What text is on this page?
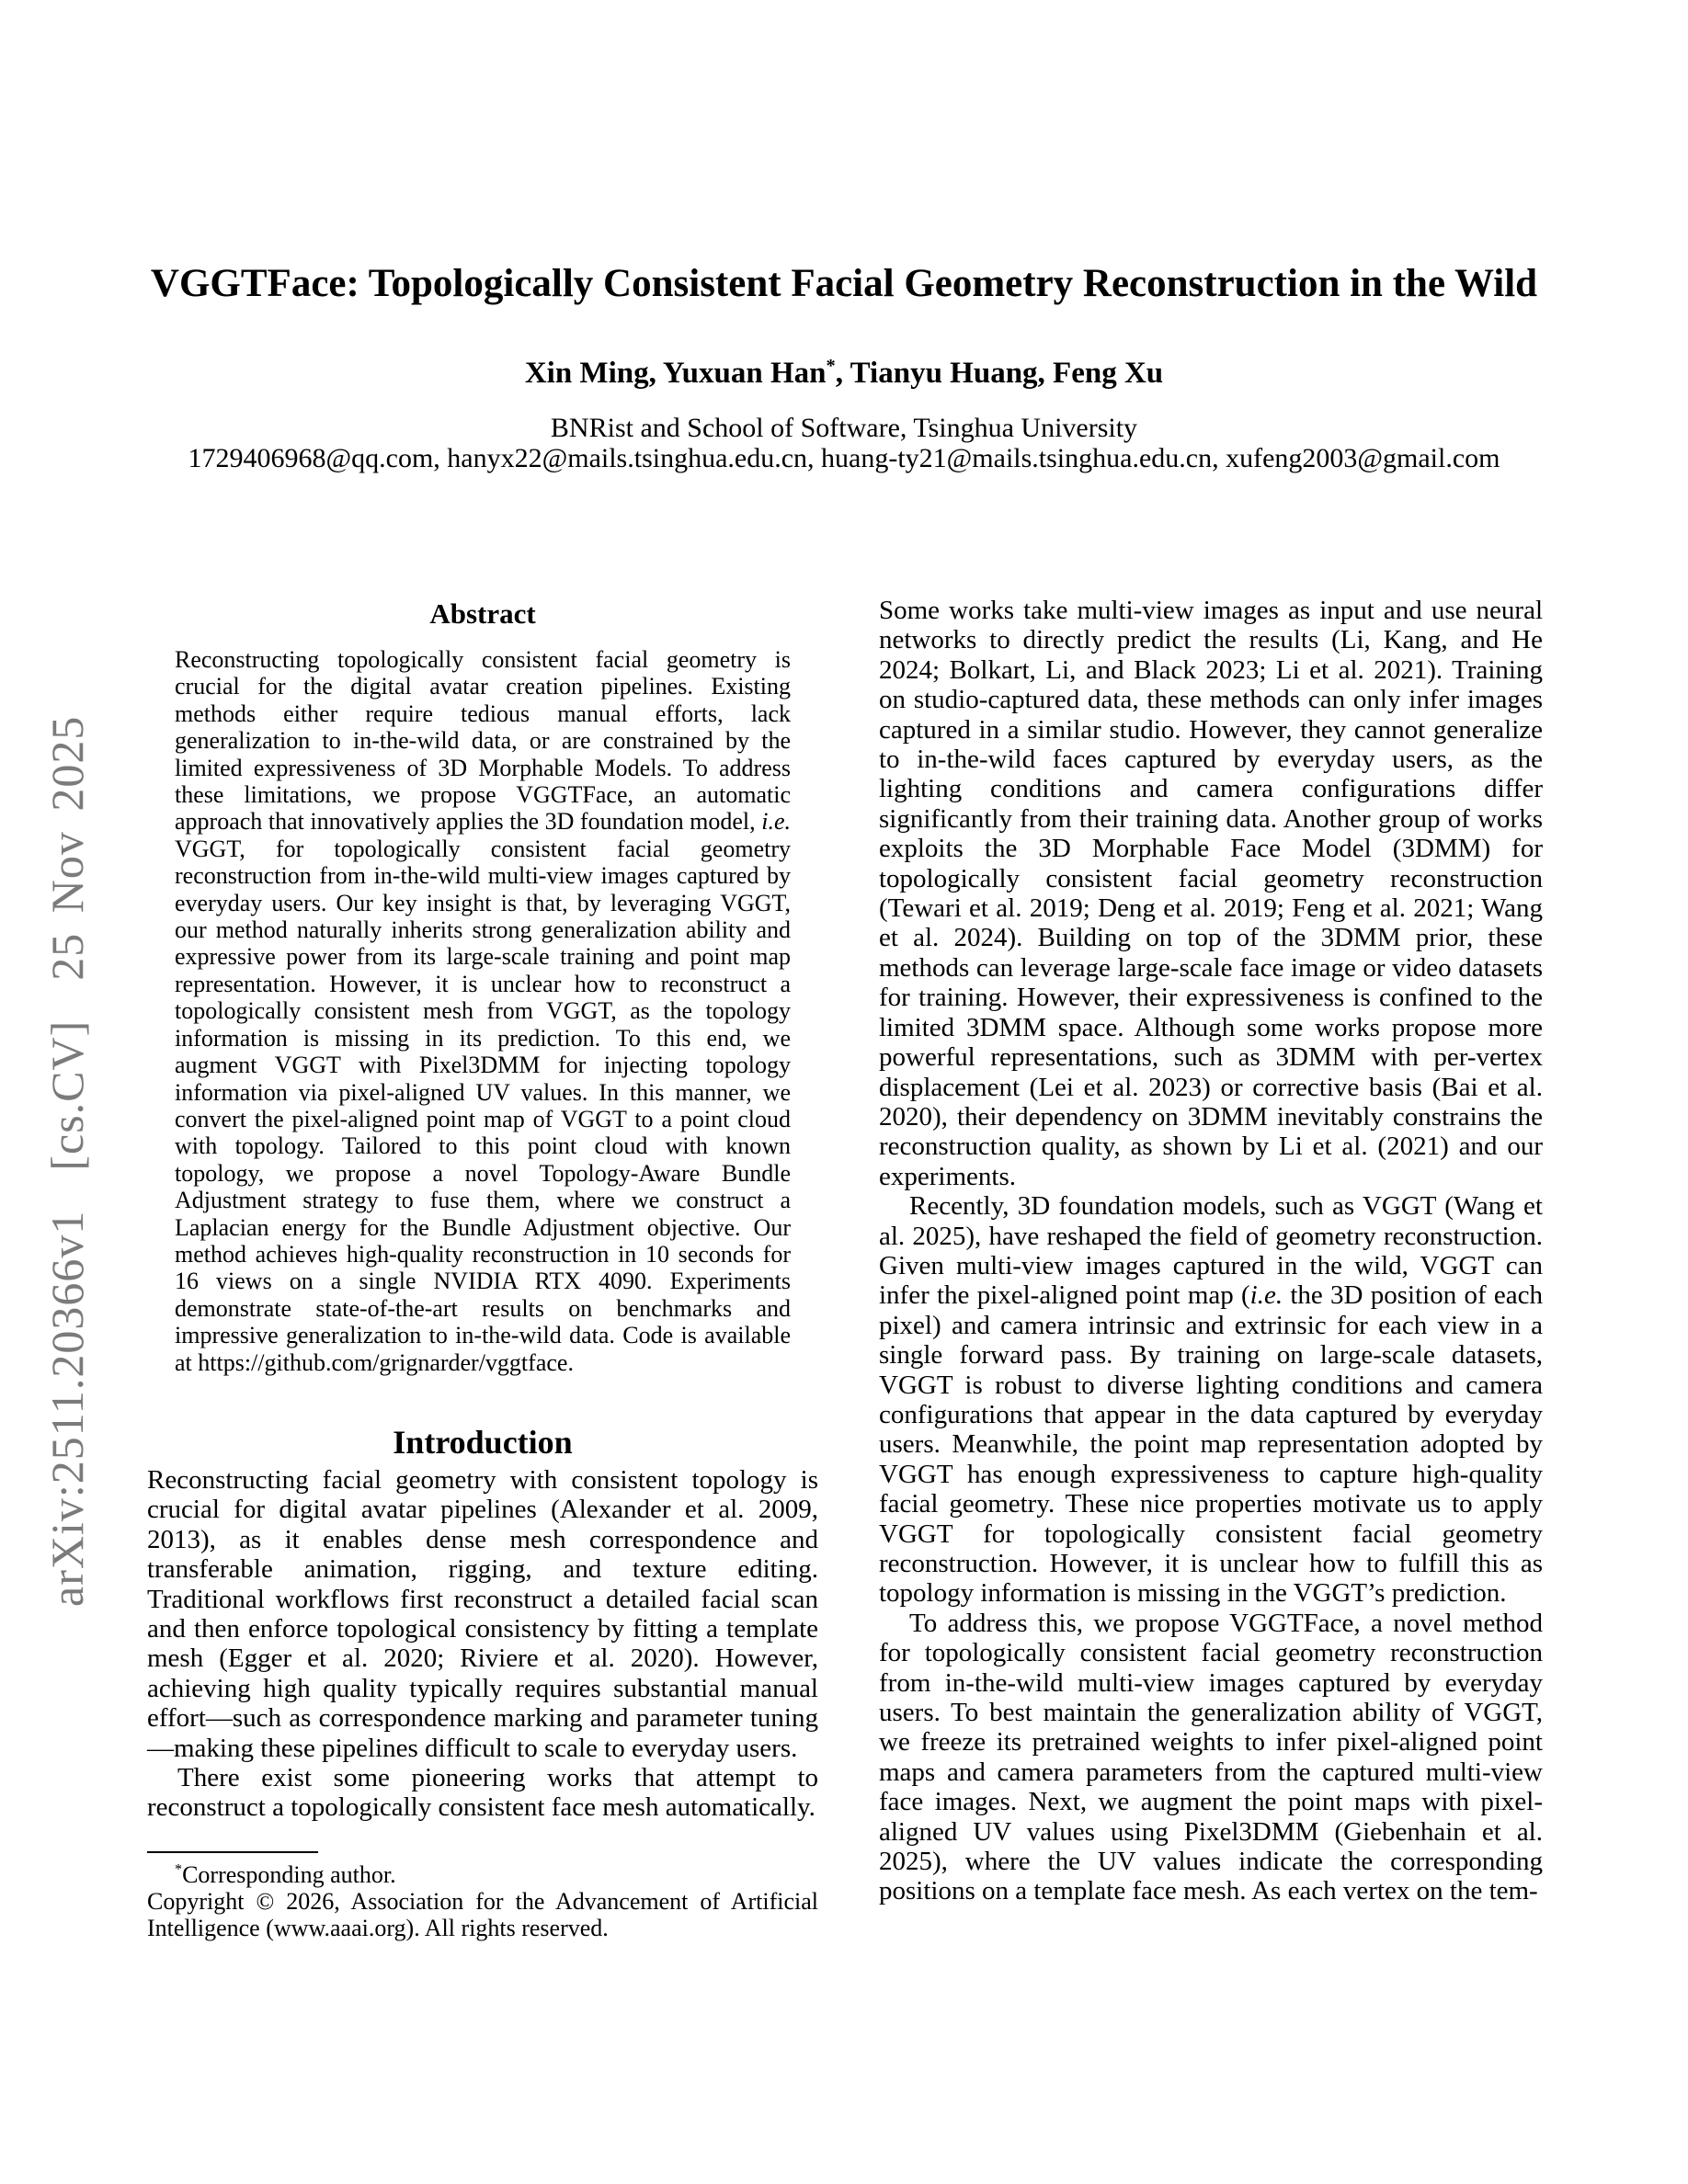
arXiv:2511.20366v1  [cs.CV]  25 Nov 2025
VGGTFace: Topologically Consistent Facial Geometry Reconstruction in the Wild
Xin Ming, Yuxuan Han*, Tianyu Huang, Feng Xu
BNRist and School of Software, Tsinghua University
1729406968@qq.com, hanyx22@mails.tsinghua.edu.cn, huang-ty21@mails.tsinghua.edu.cn, xufeng2003@gmail.com
Abstract
Reconstructing topologically consistent facial geometry is crucial for the digital avatar creation pipelines. Existing methods either require tedious manual efforts, lack generalization to in-the-wild data, or are constrained by the limited expressiveness of 3D Morphable Models. To address these limitations, we propose VGGTFace, an automatic approach that innovatively applies the 3D foundation model, i.e. VGGT, for topologically consistent facial geometry reconstruction from in-the-wild multi-view images captured by everyday users. Our key insight is that, by leveraging VGGT, our method naturally inherits strong generalization ability and expressive power from its large-scale training and point map representation. However, it is unclear how to reconstruct a topologically consistent mesh from VGGT, as the topology information is missing in its prediction. To this end, we augment VGGT with Pixel3DMM for injecting topology information via pixel-aligned UV values. In this manner, we convert the pixel-aligned point map of VGGT to a point cloud with topology. Tailored to this point cloud with known topology, we propose a novel Topology-Aware Bundle Adjustment strategy to fuse them, where we construct a Laplacian energy for the Bundle Adjustment objective. Our method achieves high-quality reconstruction in 10 seconds for 16 views on a single NVIDIA RTX 4090. Experiments demonstrate state-of-the-art results on benchmarks and impressive generalization to in-the-wild data. Code is available at https://github.com/grignarder/vggtface.
Introduction

Reconstructing facial geometry with consistent topology is crucial for digital avatar pipelines (Alexander et al. 2009, 2013), as it enables dense mesh correspondence and transferable animation, rigging, and texture editing. Traditional workflows first reconstruct a detailed facial scan and then enforce topological consistency by fitting a template mesh (Egger et al. 2020; Riviere et al. 2020). However, achieving high quality typically requires substantial manual effort—such as correspondence marking and parameter tuning—making these pipelines difficult to scale to everyday users.

There exist some pioneering works that attempt to reconstruct a topologically consistent face mesh automatically.

*Corresponding author.

Copyright © 2026, Association for the Advancement of Artificial Intelligence (www.aaai.org). All rights reserved.

Some works take multi-view images as input and use neural networks to directly predict the results (Li, Kang, and He 2024; Bolkart, Li, and Black 2023; Li et al. 2021). Training on studio-captured data, these methods can only infer images captured in a similar studio. However, they cannot generalize to in-the-wild faces captured by everyday users, as the lighting conditions and camera configurations differ significantly from their training data. Another group of works exploits the 3D Morphable Face Model (3DMM) for topologically consistent facial geometry reconstruction (Tewari et al. 2019; Deng et al. 2019; Feng et al. 2021; Wang et al. 2024). Building on top of the 3DMM prior, these methods can leverage large-scale face image or video datasets for training. However, their expressiveness is confined to the limited 3DMM space. Although some works propose more powerful representations, such as 3DMM with per-vertex displacement (Lei et al. 2023) or corrective basis (Bai et al. 2020), their dependency on 3DMM inevitably constrains the reconstruction quality, as shown by Li et al. (2021) and our experiments.

Recently, 3D foundation models, such as VGGT (Wang et al. 2025), have reshaped the field of geometry reconstruction. Given multi-view images captured in the wild, VGGT can infer the pixel-aligned point map (i.e. the 3D position of each pixel) and camera intrinsic and extrinsic for each view in a single forward pass. By training on large-scale datasets, VGGT is robust to diverse lighting conditions and camera configurations that appear in the data captured by everyday users. Meanwhile, the point map representation adopted by VGGT has enough expressiveness to capture high-quality facial geometry. These nice properties motivate us to apply VGGT for topologically consistent facial geometry reconstruction. However, it is unclear how to fulfill this as topology information is missing in the VGGT’s prediction.

To address this, we propose VGGTFace, a novel method for topologically consistent facial geometry reconstruction from in-the-wild multi-view images captured by everyday users. To best maintain the generalization ability of VGGT, we freeze its pretrained weights to infer pixel-aligned point maps and camera parameters from the captured multi-view face images. Next, we augment the point maps with pixel-aligned UV values using Pixel3DMM (Giebenhain et al. 2025), where the UV values indicate the corresponding positions on a template face mesh. As each vertex on the tem-
